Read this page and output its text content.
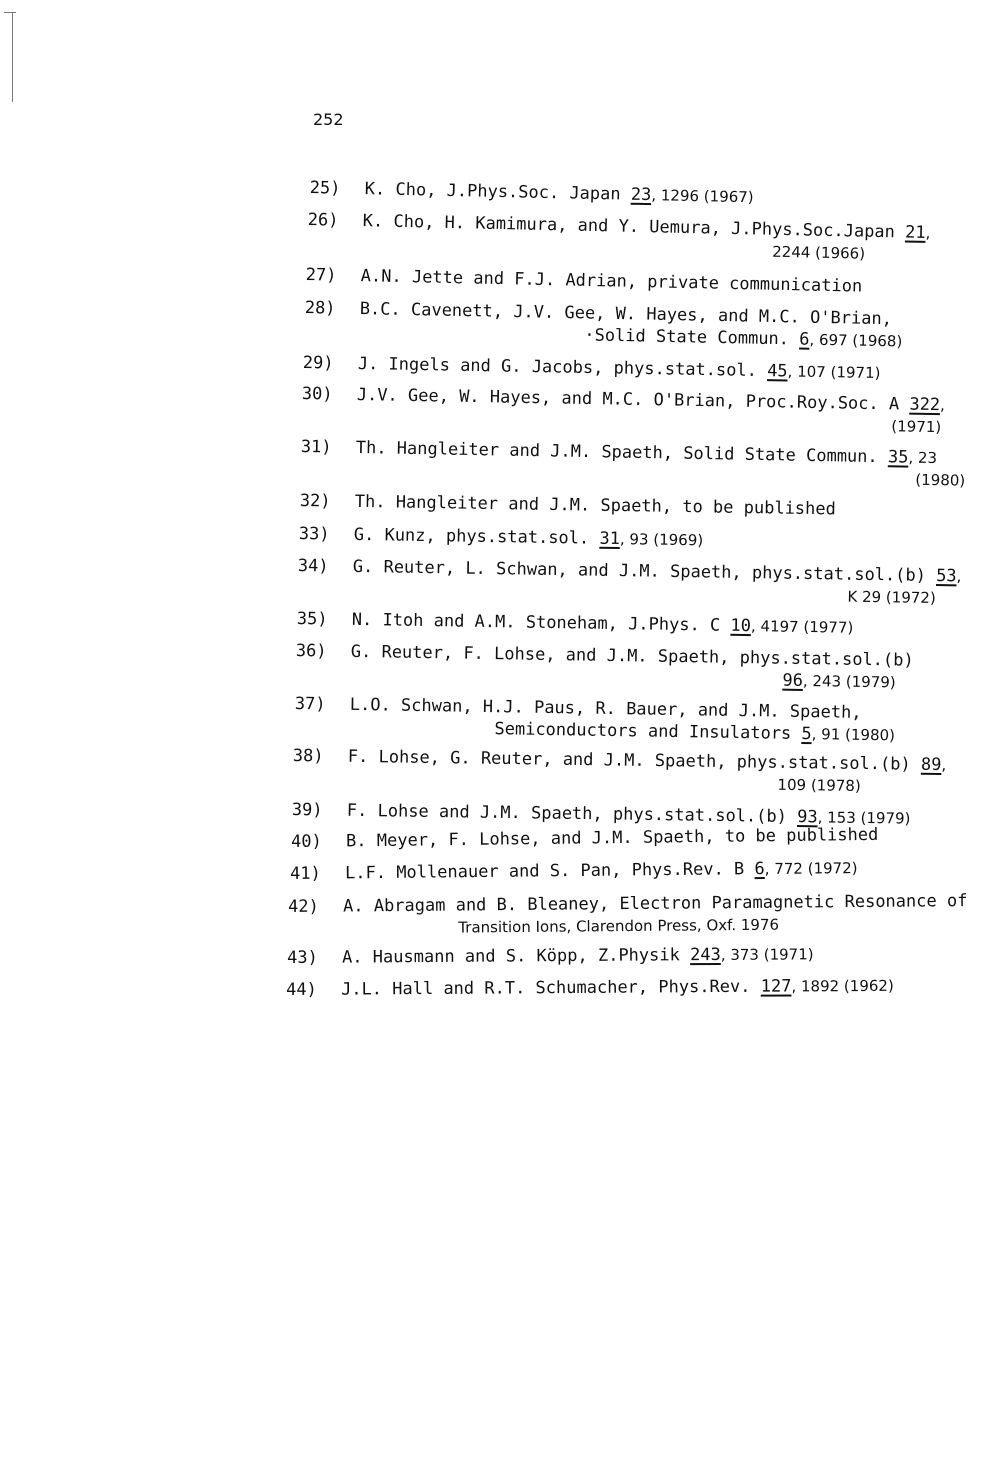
252
25) K. Cho, J.Phys.Soc. Japan 23, 1296 (1967)
26) K. Cho, H. Kamimura, and Y. Uemura, J.Phys.Soc.Japan 21,
2244 (1966)
27) A.N. Jette and F.J. Adrian, private communication
28) B.C. Cavenett, J.V. Gee, W. Hayes, and M.C. O'Brian,
·Solid State Commun. 6, 697 (1968)
29) J. Ingels and G. Jacobs, phys.stat.sol. 45, 107 (1971)
30) J.V. Gee, W. Hayes, and M.C. O'Brian, Proc.Roy.Soc. A 322,
(1971)
31) Th. Hangleiter and J.M. Spaeth, Solid State Commun. 35, 23
(1980)
32) Th. Hangleiter and J.M. Spaeth, to be published
33) G. Kunz, phys.stat.sol. 31, 93 (1969)
34) G. Reuter, L. Schwan, and J.M. Spaeth, phys.stat.sol.(b) 53,
K 29 (1972)
35) N. Itoh and A.M. Stoneham, J.Phys. C 10, 4197 (1977)
36) G. Reuter, F. Lohse, and J.M. Spaeth, phys.stat.sol.(b)
96, 243 (1979)
37) L.O. Schwan, H.J. Paus, R. Bauer, and J.M. Spaeth,
Semiconductors and Insulators 5, 91 (1980)
38) F. Lohse, G. Reuter, and J.M. Spaeth, phys.stat.sol.(b) 89,
109 (1978)
39) F. Lohse and J.M. Spaeth, phys.stat.sol.(b) 93, 153 (1979)
40) B. Meyer, F. Lohse, and J.M. Spaeth, to be published
41) L.F. Mollenauer and S. Pan, Phys.Rev. B 6, 772 (1972)
42) A. Abragam and B. Bleaney, Electron Paramagnetic Resonance of
Transition Ions, Clarendon Press, Oxf. 1976
43) A. Hausmann and S. Köpp, Z.Physik 243, 373 (1971)
44) J.L. Hall and R.T. Schumacher, Phys.Rev. 127, 1892 (1962)
